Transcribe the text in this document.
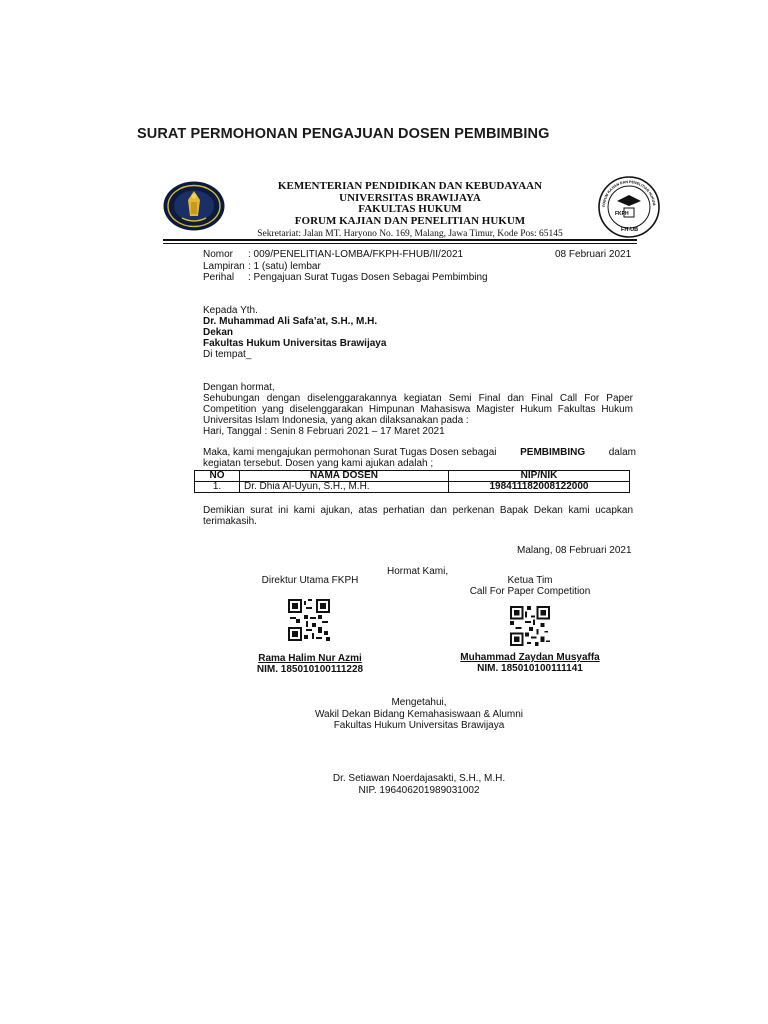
SURAT PERMOHONAN PENGAJUAN DOSEN PEMBIMBING
KEMENTERIAN PENDIDIKAN DAN KEBUDAYAAN
UNIVERSITAS BRAWIJAYA
FAKULTAS HUKUM
FORUM KAJIAN DAN PENELITIAN HUKUM
Sekretariat: Jalan MT. Haryono No. 169, Malang, Jawa Timur, Kode Pos: 65145
FKPH
FH-UB
FORUM KAJIAN DAN PENELITIAN HUKUM
Nomor : 009/PENELITIAN-LOMBA/FKPH-FHUB/II/2021	08 Februari 2021
Lampiran : 1 (satu) lembar
Perihal : Pengajuan Surat Tugas Dosen Sebagai Pembimbing
Kepada Yth.
Dr. Muhammad Ali Safa’at, S.H., M.H.
Dekan
Fakultas Hukum Universitas Brawijaya
Di tempat_
Dengan hormat,
Sehubungan dengan diselenggarakannya kegiatan Semi Final dan Final Call For Paper
Competition yang diselenggarakan Himpunan Mahasiswa Magister Hukum Fakultas Hukum
Universitas Islam Indonesia, yang akan dilaksanakan pada :
Hari, Tanggal : Senin 8 Februari 2021 – 17 Maret 2021
Maka, kami mengajukan permohonan Surat Tugas Dosen sebagai PEMBIMBING dalam
kegiatan tersebut. Dosen yang kami ajukan adalah ;
NO	NAMA DOSEN	NIP/NIK
1.	Dr. Dhia Al-Uyun, S.H., M.H.	198411182008122000
Demikian surat ini kami ajukan, atas perhatian dan perkenan Bapak Dekan kami ucapkan
terimakasih.
Malang, 08 Februari 2021
Hormat Kami,
Direktur Utama FKPH	Ketua Tim
Call For Paper Competition
Rama Halim Nur Azmi
NIM. 185010100111228
Muhammad Zaydan Musyaffa
NIM. 185010100111141
Mengetahui,
Wakil Dekan Bidang Kemahasiswaan & Alumni
Fakultas Hukum Universitas Brawijaya
Dr. Setiawan Noerdajasakti, S.H., M.H.
NIP. 196406201989031002
